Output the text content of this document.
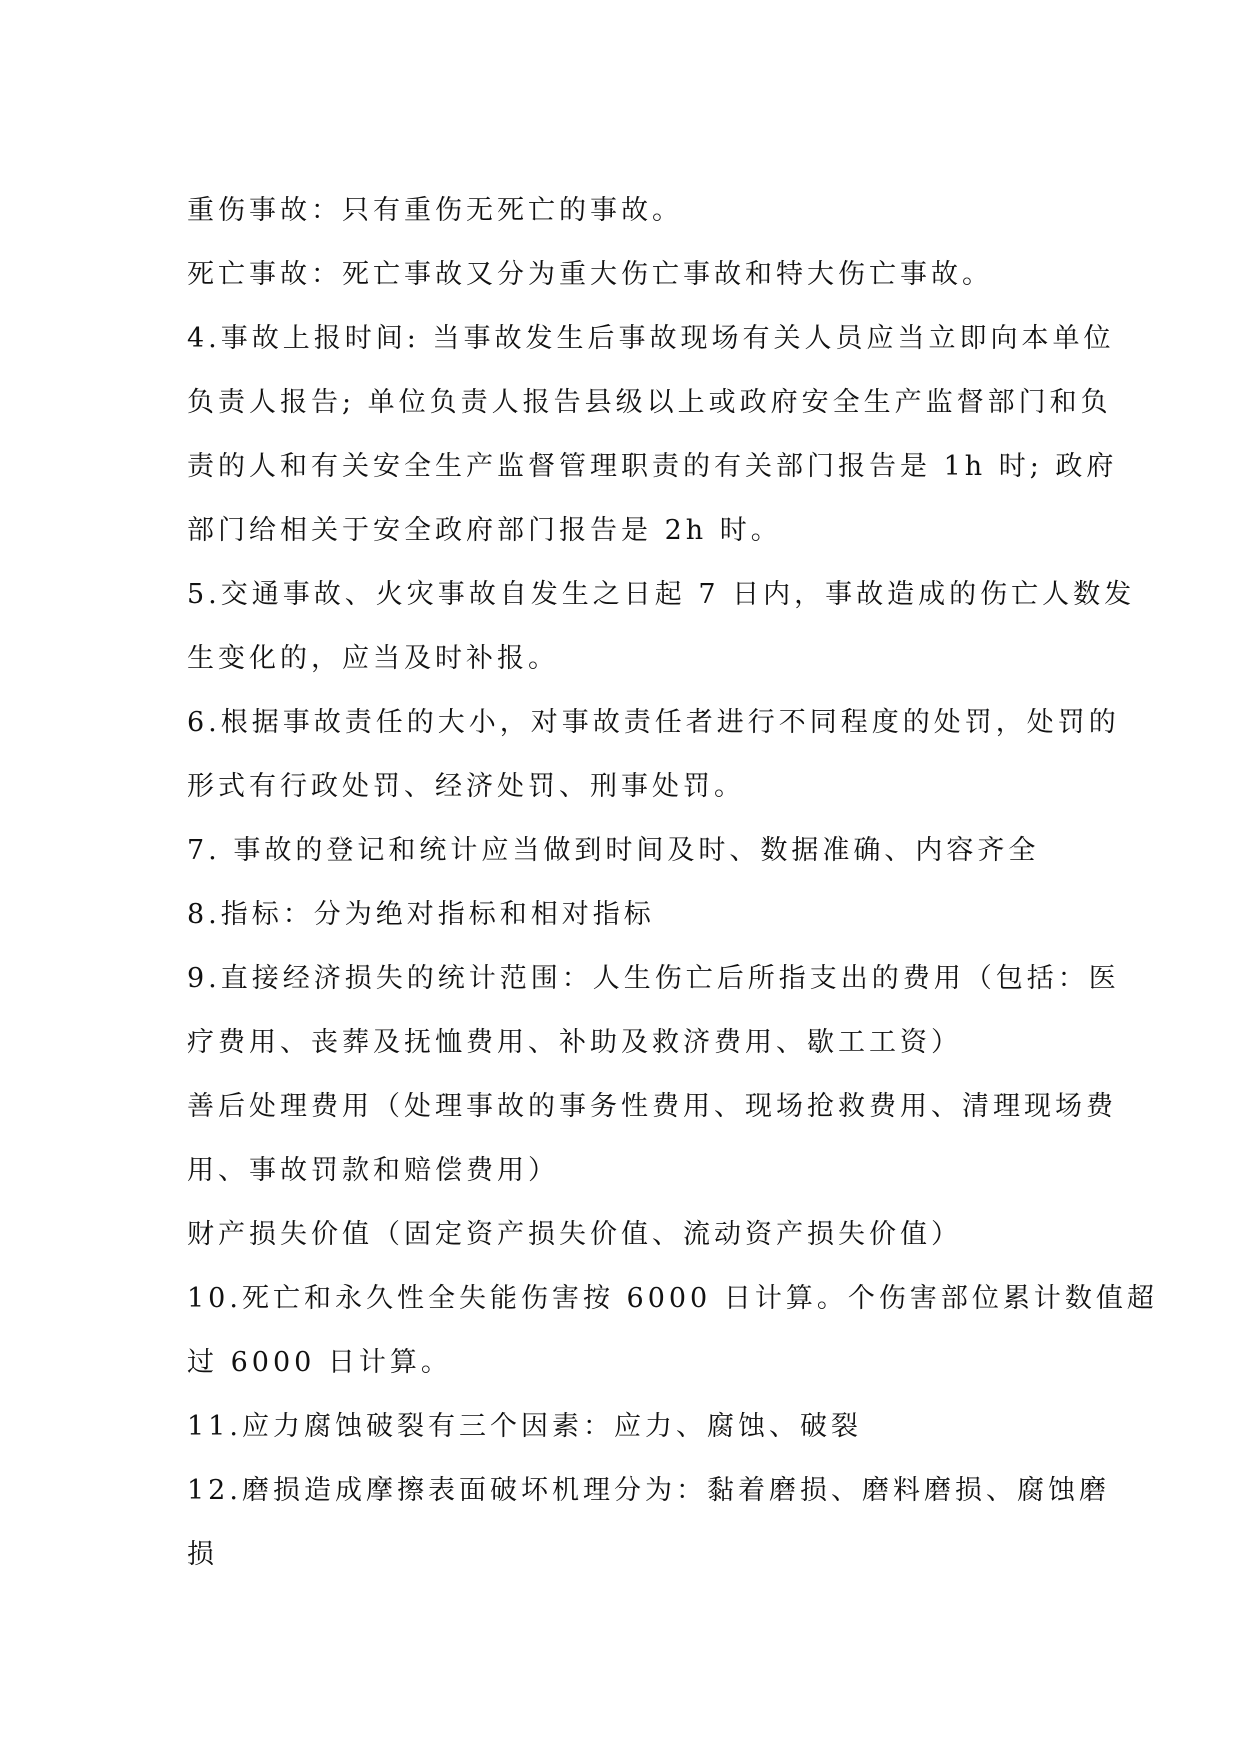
重伤事故：只有重伤无死亡的事故。

死亡事故：死亡事故又分为重大伤亡事故和特大伤亡事故。

4.事故上报时间: 当事故发生后事故现场有关人员应当立即向本单位

负责人报告; 单位负责人报告县级以上或政府安全生产监督部门和负

责的人和有关安全生产监督管理职责的有关部门报告是 1h 时; 政府

部门给相关于安全政府部门报告是 2h 时。

5.交通事故、火灾事故自发生之日起 7 日内，事故造成的伤亡人数发

生变化的，应当及时补报。

6.根据事故责任的大小，对事故责任者进行不同程度的处罚，处罚的

形式有行政处罚、经济处罚、刑事处罚。

7. 事故的登记和统计应当做到时间及时、数据准确、内容齐全

8.指标：分为绝对指标和相对指标

9.直接经济损失的统计范围：人生伤亡后所指支出的费用（包括：医

疗费用、丧葬及抚恤费用、补助及救济费用、歇工工资）

善后处理费用（处理事故的事务性费用、现场抢救费用、清理现场费

用、事故罚款和赔偿费用）

财产损失价值（固定资产损失价值、流动资产损失价值）

10.死亡和永久性全失能伤害按 6000 日计算。个伤害部位累计数值超

过 6000 日计算。

11.应力腐蚀破裂有三个因素：应力、腐蚀、破裂

12.磨损造成摩擦表面破坏机理分为：黏着磨损、磨料磨损、腐蚀磨

损
